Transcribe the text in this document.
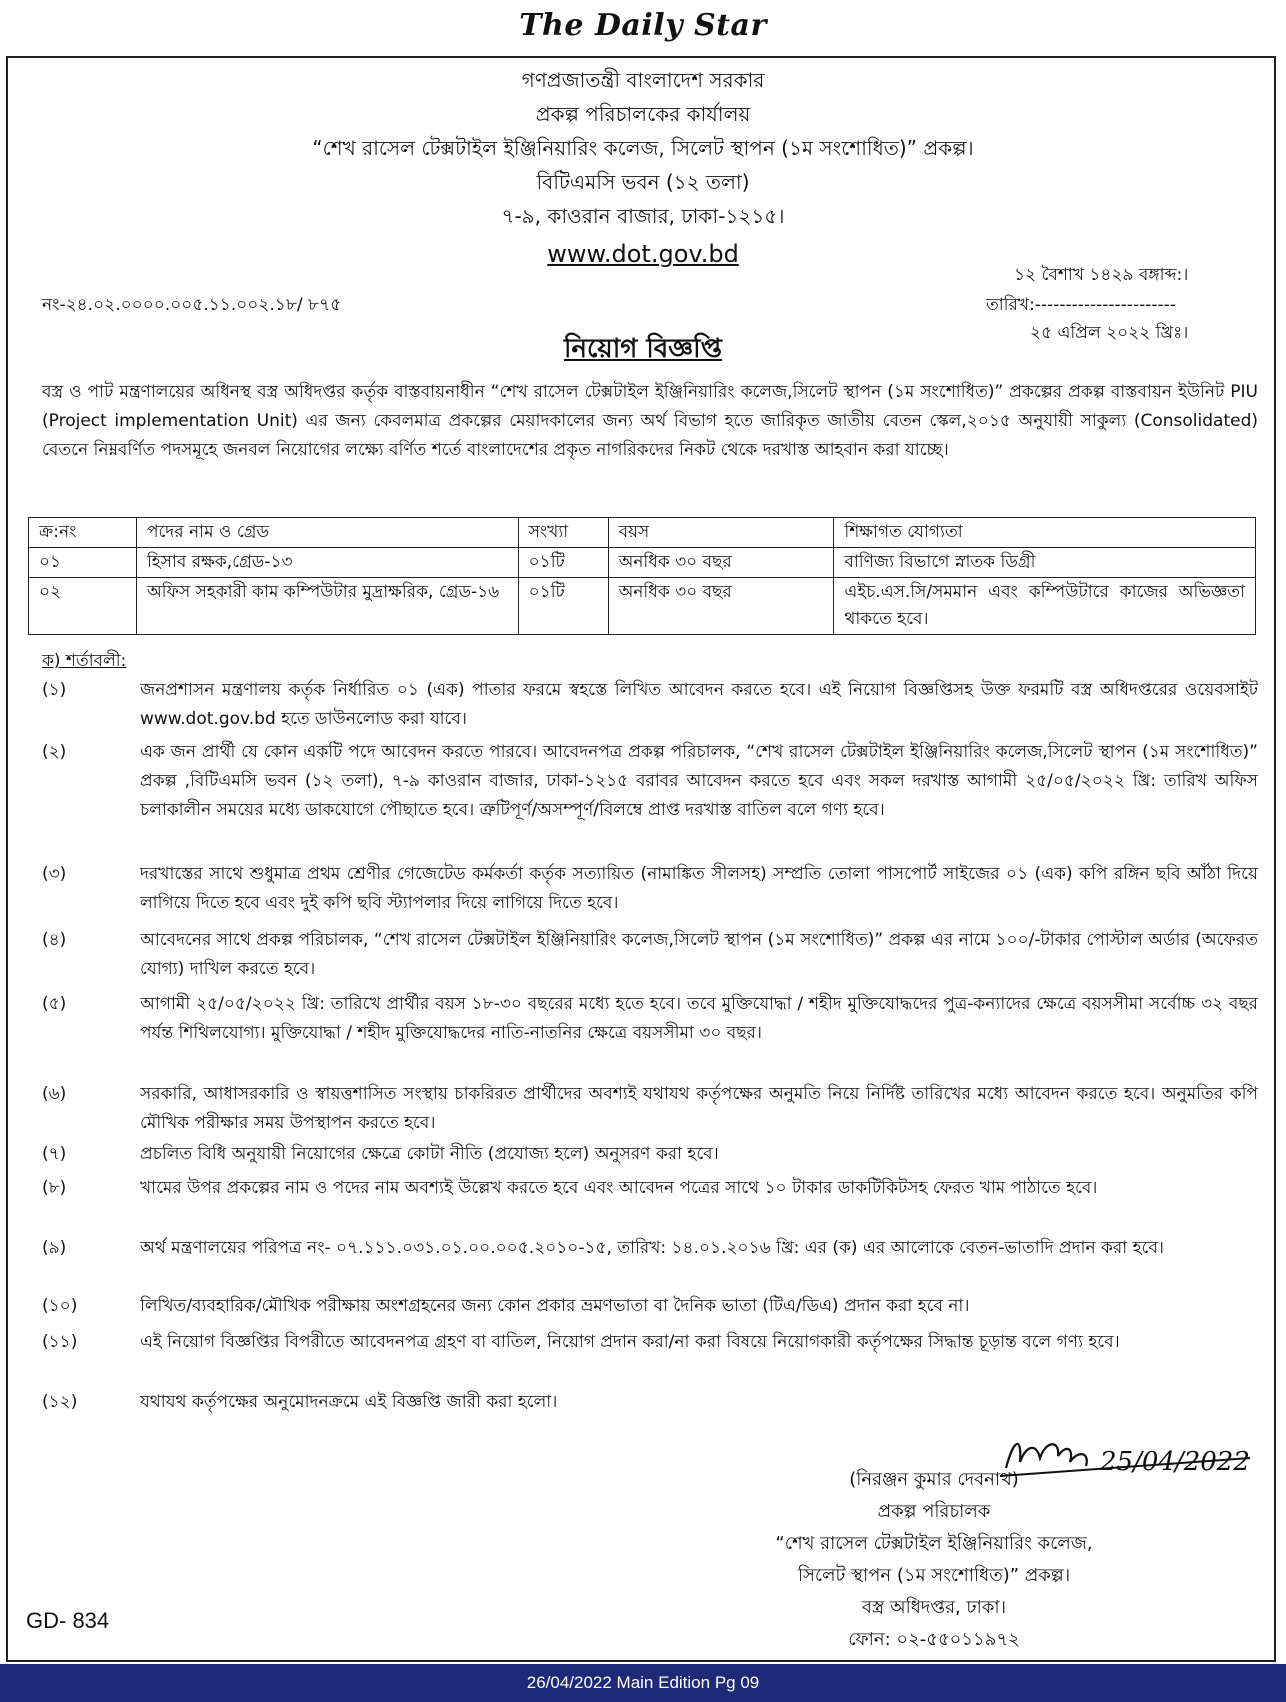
The Daily Star
গণপ্রজাতন্ত্রী বাংলাদেশ সরকার
প্রকল্প পরিচালকের কার্যালয়
“শেখ রাসেল টেক্সটাইল ইঞ্জিনিয়ারিং কলেজ, সিলেট স্থাপন (১ম সংশোধিত)” প্রকল্প।
বিটিএমসি ভবন (১২ তলা)
৭-৯, কাওরান বাজার, ঢাকা-১২১৫।
www.dot.gov.bd
১২ বৈশাখ ১৪২৯ বঙ্গাব্দ:।
নং-২৪.০২.০০০০.০০৫.১১.০০২.১৮/ ৮৭৫	তারিখ:-----------------------
২৫ এপ্রিল ২০২২ খ্রিঃ।
নিয়োগ বিজ্ঞপ্তি
বস্ত্র ও পাট মন্ত্রণালয়ের অধিনস্থ বস্ত্র অধিদপ্তর কর্তৃক বাস্তবায়নাধীন “শেখ রাসেল টেক্সটাইল ইঞ্জিনিয়ারিং কলেজ,সিলেট স্থাপন (১ম সংশোধিত)” প্রকল্পের প্রকল্প বাস্তবায়ন ইউনিট PIU (Project implementation Unit) এর জন্য কেবলমাত্র প্রকল্পের মেয়াদকালের জন্য অর্থ বিভাগ হতে জারিকৃত জাতীয় বেতন স্কেল,২০১৫ অনুযায়ী সাকুল্য (Consolidated) বেতনে নিম্নবর্ণিত পদসমূহে জনবল নিয়োগের লক্ষ্যে বর্ণিত শর্তে বাংলাদেশের প্রকৃত নাগরিকদের নিকট থেকে দরখাস্ত আহবান করা যাচ্ছে।
ক্র:নং	পদের নাম ও গ্রেড	সংখ্যা	বয়স	শিক্ষাগত যোগ্যতা
০১	হিসাব রক্ষক,গ্রেড-১৩	০১টি	অনধিক ৩০ বছর	বাণিজ্য বিভাগে স্নাতক ডিগ্রী
০২	অফিস সহকারী কাম কম্পিউটার মুদ্রাক্ষরিক, গ্রেড-১৬	০১টি	অনধিক ৩০ বছর	এইচ.এস.সি/সমমান এবং কম্পিউটারে কাজের অভিজ্ঞতা থাকতে হবে।
ক) শর্তাবলী:
(১)	জনপ্রশাসন মন্ত্রণালয় কর্তৃক নির্ধারিত ০১ (এক) পাতার ফরমে স্বহস্তে লিখিত আবেদন করতে হবে। এই নিয়োগ বিজ্ঞপ্তিসহ উক্ত ফরমটি বস্ত্র অধিদপ্তরের ওয়েবসাইট www.dot.gov.bd হতে ডাউনলোড করা যাবে।
(২)	এক জন প্রার্থী যে কোন একটি পদে আবেদন করতে পারবে। আবেদনপত্র প্রকল্প পরিচালক, “শেখ রাসেল টেক্সটাইল ইঞ্জিনিয়ারিং কলেজ,সিলেট স্থাপন (১ম সংশোধিত)” প্রকল্প ,বিটিএমসি ভবন (১২ তলা), ৭-৯ কাওরান বাজার, ঢাকা-১২১৫ বরাবর আবেদন করতে হবে এবং সকল দরখাস্ত আগামী ২৫/০৫/২০২২ খ্রি: তারিখ অফিস চলাকালীন সময়ের মধ্যে ডাকযোগে পৌছাতে হবে। ত্রুটিপূর্ণ/অসম্পূর্ণ/বিলম্বে প্রাপ্ত দরখাস্ত বাতিল বলে গণ্য হবে।
(৩)	দরখাস্তের সাথে শুধুমাত্র প্রথম শ্রেণীর গেজেটেড কর্মকর্তা কর্তৃক সত্যায়িত (নামাঙ্কিত সীলসহ) সম্প্রতি তোলা পাসপোর্ট সাইজের ০১ (এক) কপি রঙ্গিন ছবি আঁঠা দিয়ে লাগিয়ে দিতে হবে এবং দুই কপি ছবি স্ট্যাপলার দিয়ে লাগিয়ে দিতে হবে।
(৪)	আবেদনের সাথে প্রকল্প পরিচালক, “শেখ রাসেল টেক্সটাইল ইঞ্জিনিয়ারিং কলেজ,সিলেট স্থাপন (১ম সংশোধিত)” প্রকল্প এর নামে ১০০/-টাকার পোস্টাল অর্ডার (অফেরত যোগ্য) দাখিল করতে হবে।
(৫)	আগামী ২৫/০৫/২০২২ খ্রি: তারিখে প্রার্থীর বয়স ১৮-৩০ বছরের মধ্যে হতে হবে। তবে মুক্তিযোদ্ধা / শহীদ মুক্তিযোদ্ধদের পুত্র-কন্যাদের ক্ষেত্রে বয়সসীমা সর্বোচ্চ ৩২ বছর পর্যন্ত শিথিলযোগ্য। মুক্তিযোদ্ধা / শহীদ মুক্তিযোদ্ধদের নাতি-নাতনির ক্ষেত্রে বয়সসীমা ৩০ বছর।
(৬)	সরকারি, আধাসরকারি ও স্বায়ত্তশাসিত সংস্থায় চাকরিরত প্রার্থীদের অবশ্যই যথাযথ কর্তৃপক্ষের অনুমতি নিয়ে নির্দিষ্ট তারিখের মধ্যে আবেদন করতে হবে। অনুমতির কপি মৌখিক পরীক্ষার সময় উপস্থাপন করতে হবে।
(৭)	প্রচলিত বিধি অনুযায়ী নিয়োগের ক্ষেত্রে কোটা নীতি (প্রযোজ্য হলে) অনুসরণ করা হবে।
(৮)	খামের উপর প্রকল্পের নাম ও পদের নাম অবশ্যই উল্লেখ করতে হবে এবং আবেদন পত্রের সাথে ১০ টাকার ডাকটিকিটসহ ফেরত খাম পাঠাতে হবে।
(৯)	অর্থ মন্ত্রণালয়ের পরিপত্র নং- ০৭.১১১.০৩১.০১.০০.০০৫.২০১০-১৫, তারিখ: ১৪.০১.২০১৬ খ্রি: এর (ক) এর আলোকে বেতন-ভাতাদি প্রদান করা হবে।
(১০)	লিখিত/ব্যবহারিক/মৌখিক পরীক্ষায় অংশগ্রহনের জন্য কোন প্রকার ভ্রমণভাতা বা দৈনিক ভাতা (টিএ/ডিএ) প্রদান করা হবে না।
(১১)	এই নিয়োগ বিজ্ঞপ্তির বিপরীতে আবেদনপত্র গ্রহণ বা বাতিল, নিয়োগ প্রদান করা/না করা বিষয়ে নিয়োগকারী কর্তৃপক্ষের সিদ্ধান্ত চূড়ান্ত বলে গণ্য হবে।
(১২)	যথাযথ কর্তৃপক্ষের অনুমোদনক্রমে এই বিজ্ঞপ্তি জারী করা হলো।
25/04/2022
(নিরঞ্জন কুমার দেবনাথ)
প্রকল্প পরিচালক
“শেখ রাসেল টেক্সটাইল ইঞ্জিনিয়ারিং কলেজ,
সিলেট স্থাপন (১ম সংশোধিত)” প্রকল্প।
বস্ত্র অধিদপ্তর, ঢাকা।
ফোন: ০২-৫৫০১১৯৭২
GD- 834
26/04/2022 Main Edition Pg 09
